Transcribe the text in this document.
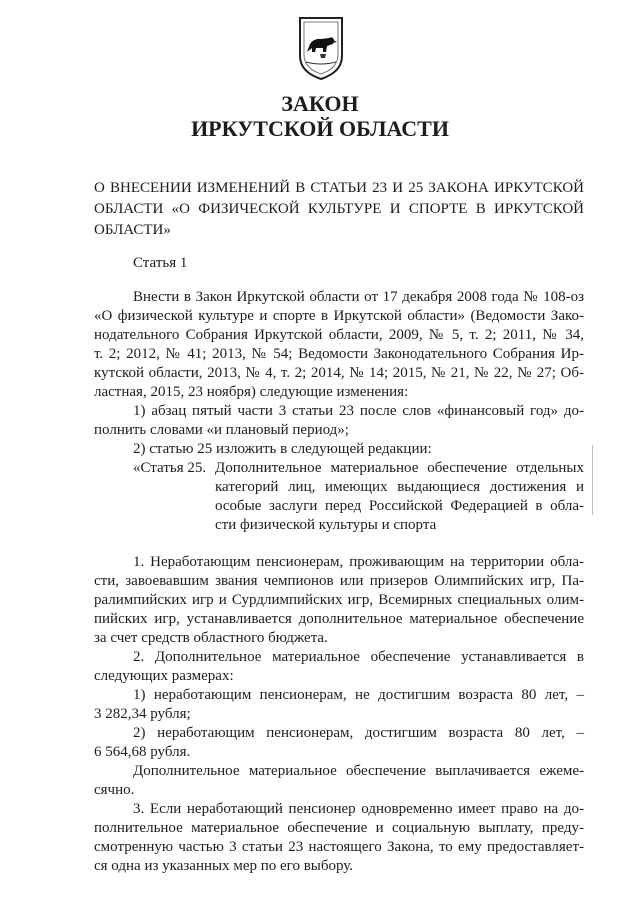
ЗАКОН
ИРКУТСКОЙ ОБЛАСТИ
О ВНЕСЕНИИ ИЗМЕНЕНИЙ В СТАТЬИ 23 И 25 ЗАКОНА ИРКУТСКОЙ ОБЛАСТИ «О ФИЗИЧЕСКОЙ КУЛЬТУРЕ И СПОРТЕ В ИРКУТСКОЙ ОБЛАСТИ»
Статья 1
Внести в Закон Иркутской области от 17 декабря 2008 года № 108-оз
«О физической культуре и спорте в Иркутской области» (Ведомости Зако-
нодательного Собрания Иркутской области, 2009, № 5, т. 2; 2011, № 34,
т. 2; 2012, № 41; 2013, № 54; Ведомости Законодательного Собрания Ир-
кутской области, 2013, № 4, т. 2; 2014, № 14; 2015, № 21, № 22, № 27; Об-
ластная, 2015, 23 ноября) следующие изменения:
1) абзац пятый части 3 статьи 23 после слов «финансовый год» до-
полнить словами «и плановый период»;
2) статью 25 изложить в следующей редакции:
«Статья 25. Дополнительное материальное обеспечение отдельных
категорий лиц, имеющих выдающиеся достижения и
особые заслуги перед Российской Федерацией в обла-
сти физической культуры и спорта
1. Неработающим пенсионерам, проживающим на территории обла-
сти, завоевавшим звания чемпионов или призеров Олимпийских игр, Па-
ралимпийских игр и Сурдлимпийских игр, Всемирных специальных олим-
пийских игр, устанавливается дополнительное материальное обеспечение
за счет средств областного бюджета.
2. Дополнительное материальное обеспечение устанавливается в
следующих размерах:
1) неработающим пенсионерам, не достигшим возраста 80 лет, –
3 282,34 рубля;
2) неработающим пенсионерам, достигшим возраста 80 лет, –
6 564,68 рубля.
Дополнительное материальное обеспечение выплачивается ежеме-
сячно.
3. Если неработающий пенсионер одновременно имеет право на до-
полнительное материальное обеспечение и социальную выплату, преду-
смотренную частью 3 статьи 23 настоящего Закона, то ему предоставляет-
ся одна из указанных мер по его выбору.
